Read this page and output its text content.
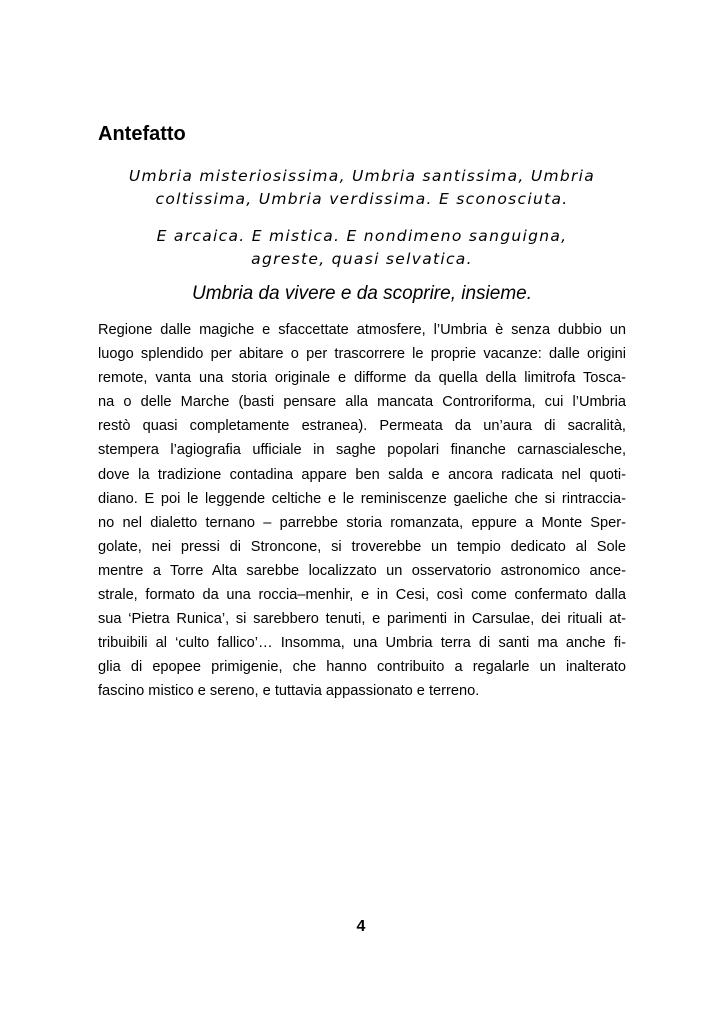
Antefatto

Umbria misteriosissima, Umbria santissima, Umbria
coltissima, Umbria verdissima. E sconosciuta.

E arcaica. E mistica. E nondimeno sanguigna,
agreste, quasi selvatica.

Umbria da vivere e da scoprire, insieme.

Regione dalle magiche e sfaccettate atmosfere, l’Umbria è senza dubbio un
luogo splendido per abitare o per trascorrere le proprie vacanze: dalle origini
remote, vanta una storia originale e difforme da quella della limitrofa Tosca-
na o delle Marche (basti pensare alla mancata Controriforma, cui l’Umbria
restò quasi completamente estranea). Permeata da un’aura di sacralità,
stempera l’agiografia ufficiale in saghe popolari finanche carnascialesche,
dove la tradizione contadina appare ben salda e ancora radicata nel quoti-
diano. E poi le leggende celtiche e le reminiscenze gaeliche che si rintraccia-
no nel dialetto ternano – parrebbe storia romanzata, eppure a Monte Sper-
golate, nei pressi di Stroncone, si troverebbe un tempio dedicato al Sole
mentre a Torre Alta sarebbe localizzato un osservatorio astronomico ance-
strale, formato da una roccia–menhir, e in Cesi, così come confermato dalla
sua ‘Pietra Runica’, si sarebbero tenuti, e parimenti in Carsulae, dei rituali at-
tribuibili al ‘culto fallico’… Insomma, una Umbria terra di santi ma anche fi-
glia di epopee primigenie, che hanno contribuito a regalarle un inalterato
fascino mistico e sereno, e tuttavia appassionato e terreno.

4
